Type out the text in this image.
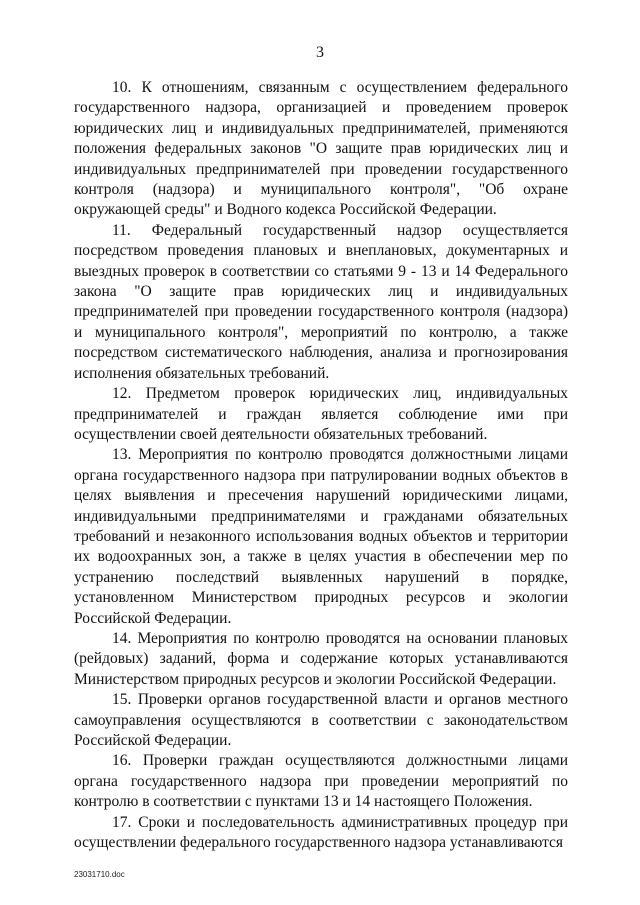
3

10. К отношениям, связанным с осуществлением федерального государственного надзора, организацией и проведением проверок юридических лиц и индивидуальных предпринимателей, применяются положения федеральных законов "О защите прав юридических лиц и индивидуальных предпринимателей при проведении государственного контроля (надзора) и муниципального контроля", "Об охране окружающей среды" и Водного кодекса Российской Федерации.

11. Федеральный государственный надзор осуществляется посредством проведения плановых и внеплановых, документарных и выездных проверок в соответствии со статьями 9 - 13 и 14 Федерального закона "О защите прав юридических лиц и индивидуальных предпринимателей при проведении государственного контроля (надзора) и муниципального контроля", мероприятий по контролю, а также посредством систематического наблюдения, анализа и прогнозирования исполнения обязательных требований.

12. Предметом проверок юридических лиц, индивидуальных предпринимателей и граждан является соблюдение ими при осуществлении своей деятельности обязательных требований.

13. Мероприятия по контролю проводятся должностными лицами органа государственного надзора при патрулировании водных объектов в целях выявления и пресечения нарушений юридическими лицами, индивидуальными предпринимателями и гражданами обязательных требований и незаконного использования водных объектов и территории их водоохранных зон, а также в целях участия в обеспечении мер по устранению последствий выявленных нарушений в порядке, установленном Министерством природных ресурсов и экологии Российской Федерации.

14. Мероприятия по контролю проводятся на основании плановых (рейдовых) заданий, форма и содержание которых устанавливаются Министерством природных ресурсов и экологии Российской Федерации.

15. Проверки органов государственной власти и органов местного самоуправления осуществляются в соответствии с законодательством Российской Федерации.

16. Проверки граждан осуществляются должностными лицами органа государственного надзора при проведении мероприятий по контролю в соответствии с пунктами 13 и 14 настоящего Положения.

17. Сроки и последовательность административных процедур при осуществлении федерального государственного надзора устанавливаются

23031710.doc
